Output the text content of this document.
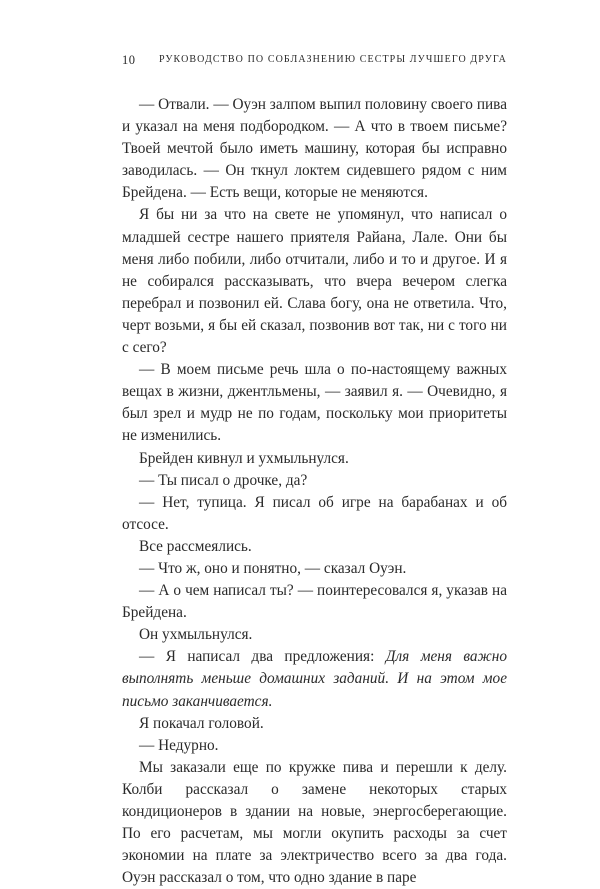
10 РУКОВОДСТВО ПО СОБЛАЗНЕНИЮ СЕСТРЫ ЛУЧШЕГО ДРУГА

— Отвали. — Оуэн залпом выпил половину своего пива и указал на меня подбородком. — А что в твоем письме? Твоей мечтой было иметь машину, которая бы исправно заводилась. — Он ткнул локтем сидевшего рядом с ним Брейдена. — Есть вещи, которые не меняются.

Я бы ни за что на свете не упомянул, что написал о младшей сестре нашего приятеля Райана, Лале. Они бы меня либо побили, либо отчитали, либо и то и другое. И я не собирался рассказывать, что вчера вечером слегка перебрал и позвонил ей. Слава богу, она не ответила. Что, черт возьми, я бы ей сказал, позвонив вот так, ни с того ни с сего?

— В моем письме речь шла о по-настоящему важных вещах в жизни, джентльмены, — заявил я. — Очевидно, я был зрел и мудр не по годам, поскольку мои приоритеты не изменились.

Брейден кивнул и ухмыльнулся.

— Ты писал о дрочке, да?

— Нет, тупица. Я писал об игре на барабанах и об отсосе.

Все рассмеялись.

— Что ж, оно и понятно, — сказал Оуэн.

— А о чем написал ты? — поинтересовался я, указав на Брейдена.

Он ухмыльнулся.

— Я написал два предложения: Для меня важно выполнять меньше домашних заданий. И на этом мое письмо заканчивается.

Я покачал головой.

— Недурно.

Мы заказали еще по кружке пива и перешли к делу. Колби рассказал о замене некоторых старых кондиционеров в здании на новые, энергосберегающие. По его расчетам, мы могли окупить расходы за счет экономии на плате за электричество всего за два года. Оуэн рассказал о том, что одно здание в паре
